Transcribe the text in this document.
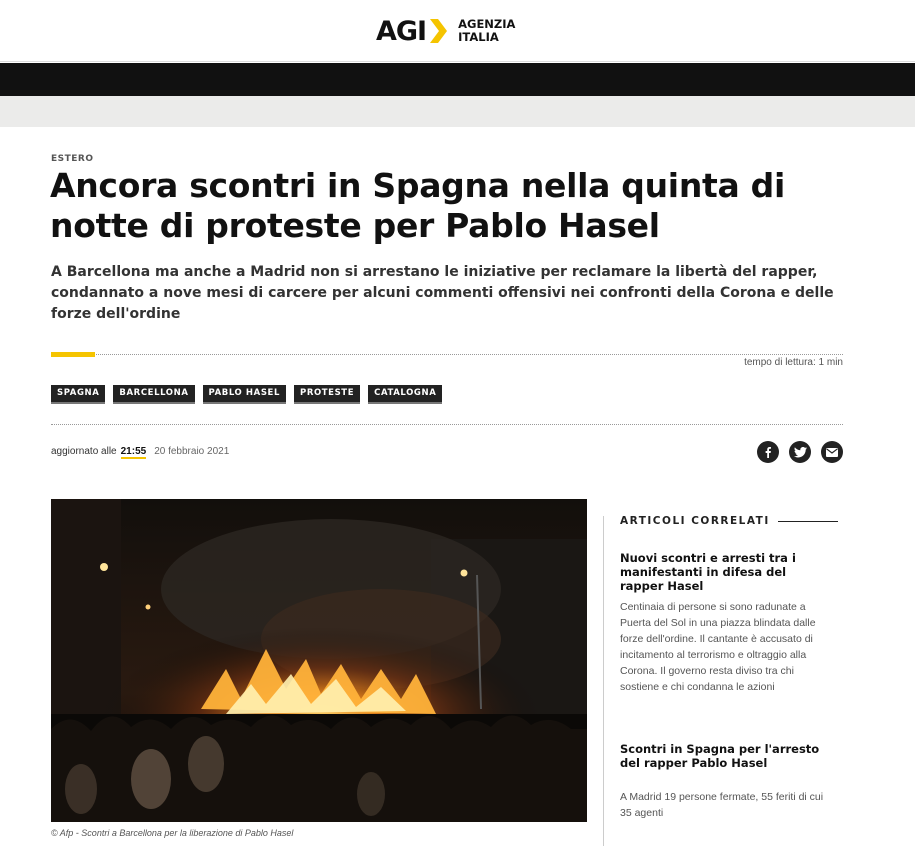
AGI	AGENZIA
ITALIA
ESTERO
Ancora scontri in Spagna nella quinta di notte di proteste per Pablo Hasel

A Barcellona ma anche a Madrid non si arrestano le iniziative per reclamare la libertà del rapper, condannato a nove mesi di carcere per alcuni commenti offensivi nei confronti della Corona e delle forze dell'ordine

tempo di lettura: 1 min
SPAGNA	BARCELLONA	PABLO HASEL	PROTESTE	CATALOGNA
aggiornato alle 21:55 20 febbraio 2021
© Afp - Scontri a Barcellona per la liberazione di Pablo Hasel
ARTICOLI CORRELATI
Nuovi scontri e arresti tra i manifestanti in difesa del rapper Hasel

Centinaia di persone si sono radunate a Puerta del Sol in una piazza blindata dalle forze dell'ordine. Il cantante è accusato di incitamento al terrorismo e oltraggio alla Corona. Il governo resta diviso tra chi sostiene e chi condanna le azioni

Scontri in Spagna per l'arresto del rapper Pablo Hasel

A Madrid 19 persone fermate, 55 feriti di cui 35 agenti
